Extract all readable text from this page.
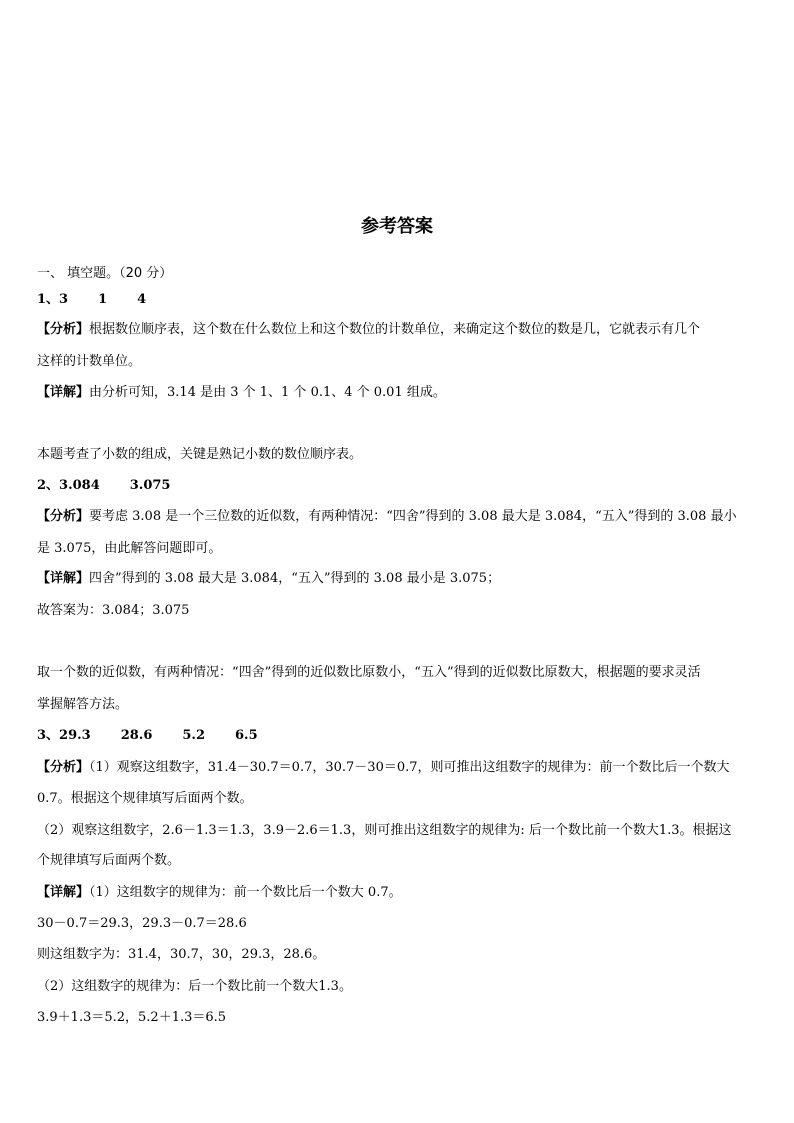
参考答案
一、 填空题。（20 分）
1、3 1 4
【分析】根据数位顺序表，这个数在什么数位上和这个数位的计数单位，来确定这个数位的数是几，它就表示有几个
这样的计数单位。
【详解】由分析可知，3.14 是由 3 个 1、1 个 0.1、4 个 0.01 组成。
本题考查了小数的组成，关键是熟记小数的数位顺序表。
2、3.084 3.075
【分析】要考虑 3.08 是一个三位数的近似数，有两种情况：“四舍”得到的 3.08 最大是 3.084，“五入”得到的 3.08 最小
是 3.075，由此解答问题即可。
【详解】四舍”得到的 3.08 最大是 3.084，“五入”得到的 3.08 最小是 3.075；
故答案为：3.084；3.075
取一个数的近似数，有两种情况：“四舍”得到的近似数比原数小，“五入”得到的近似数比原数大，根据题的要求灵活
掌握解答方法。
3、29.3 28.6 5.2 6.5
【分析】（1）观察这组数字，31.4－30.7＝0.7，30.7－30＝0.7，则可推出这组数字的规律为：前一个数比后一个数大
0.7。根据这个规律填写后面两个数。
（2）观察这组数字，2.6－1.3＝1.3，3.9－2.6＝1.3，则可推出这组数字的规律为: 后一个数比前一个数大1.3。根据这
个规律填写后面两个数。
【详解】（1）这组数字的规律为：前一个数比后一个数大 0.7。
30－0.7＝29.3，29.3－0.7＝28.6
则这组数字为：31.4，30.7，30，29.3，28.6。
（2）这组数字的规律为：后一个数比前一个数大1.3。
3.9＋1.3＝5.2，5.2＋1.3＝6.5
